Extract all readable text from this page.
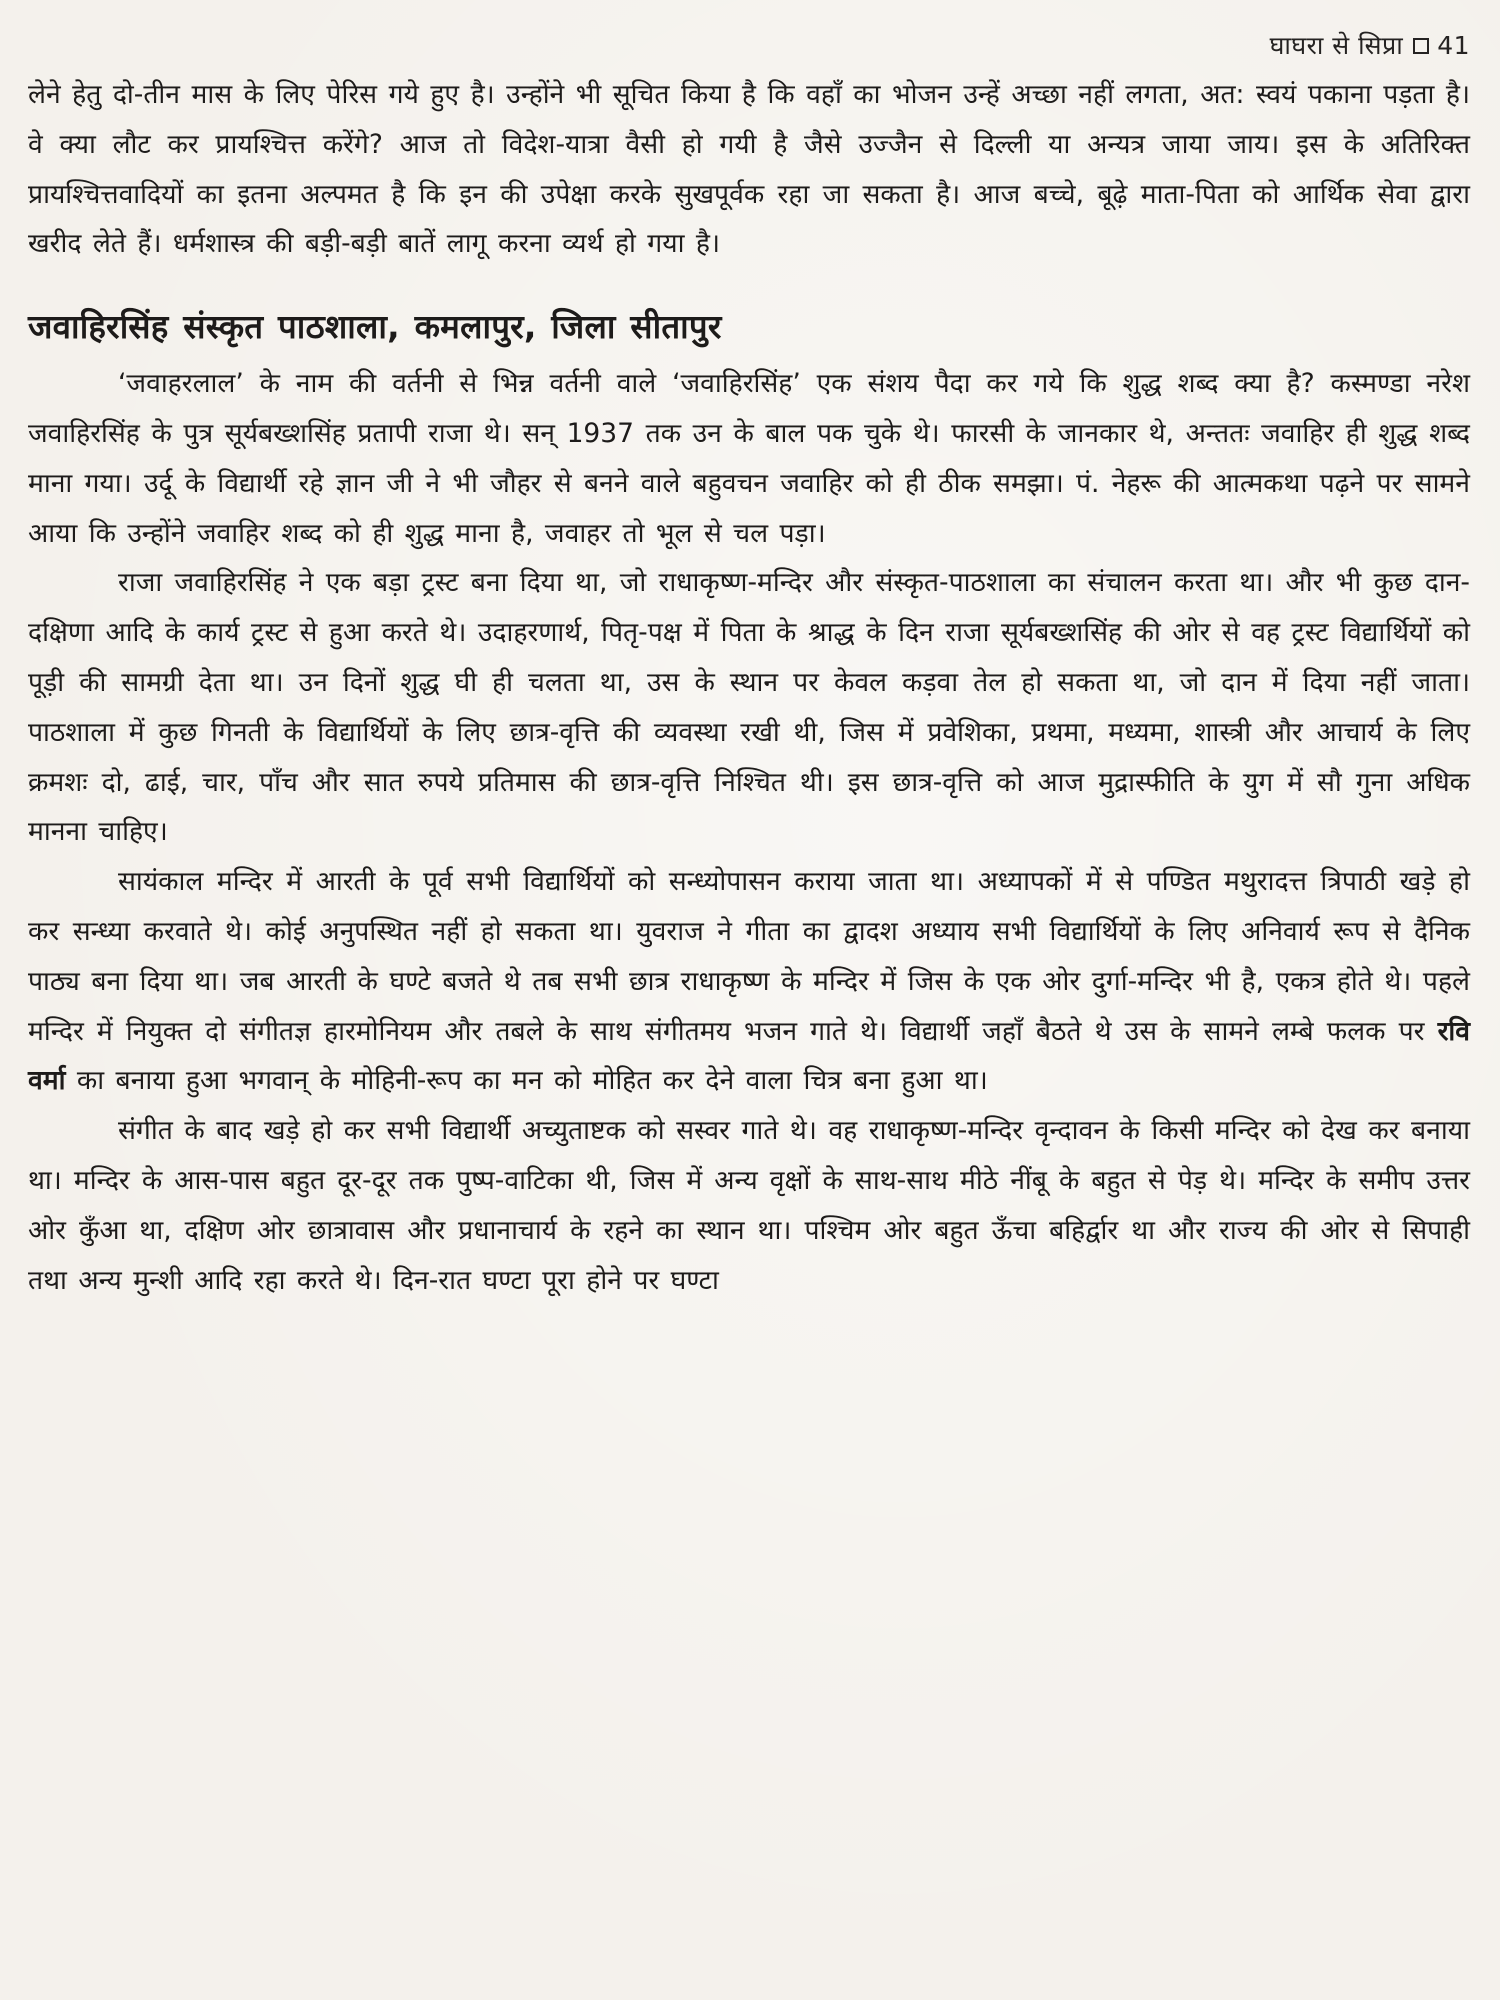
घाघरा से सिप्रा 41

लेने हेतु दो-तीन मास के लिए पेरिस गये हुए है। उन्होंने भी सूचित किया है कि वहाँ का भोजन उन्हें अच्छा नहीं लगता, अत: स्वयं पकाना पड़ता है। वे क्या लौट कर प्रायश्चित्त करेंगे? आज तो विदेश-यात्रा वैसी हो गयी है जैसे उज्जैन से दिल्ली या अन्यत्र जाया जाय। इस के अतिरिक्त प्रायश्चित्तवादियों का इतना अल्पमत है कि इन की उपेक्षा करके सुखपूर्वक रहा जा सकता है। आज बच्चे, बूढ़े माता-पिता को आर्थिक सेवा द्वारा खरीद लेते हैं। धर्मशास्त्र की बड़ी-बड़ी बातें लागू करना व्यर्थ हो गया है।

जवाहिरसिंह संस्कृत पाठशाला, कमलापुर, जिला सीतापुर

‘जवाहरलाल’ के नाम की वर्तनी से भिन्न वर्तनी वाले ‘जवाहिरसिंह’ एक संशय पैदा कर गये कि शुद्ध शब्द क्या है? कस्मण्डा नरेश जवाहिरसिंह के पुत्र सूर्यबख्शसिंह प्रतापी राजा थे। सन् 1937 तक उन के बाल पक चुके थे। फारसी के जानकार थे, अन्ततः जवाहिर ही शुद्ध शब्द माना गया। उर्दू के विद्यार्थी रहे ज्ञान जी ने भी जौहर से बनने वाले बहुवचन जवाहिर को ही ठीक समझा। पं. नेहरू की आत्मकथा पढ़ने पर सामने आया कि उन्होंने जवाहिर शब्द को ही शुद्ध माना है, जवाहर तो भूल से चल पड़ा।

राजा जवाहिरसिंह ने एक बड़ा ट्रस्ट बना दिया था, जो राधाकृष्ण-मन्दिर और संस्कृत-पाठशाला का संचालन करता था। और भी कुछ दान-दक्षिणा आदि के कार्य ट्रस्ट से हुआ करते थे। उदाहरणार्थ, पितृ-पक्ष में पिता के श्राद्ध के दिन राजा सूर्यबख्शसिंह की ओर से वह ट्रस्ट विद्यार्थियों को पूड़ी की सामग्री देता था। उन दिनों शुद्ध घी ही चलता था, उस के स्थान पर केवल कड़वा तेल हो सकता था, जो दान में दिया नहीं जाता। पाठशाला में कुछ गिनती के विद्यार्थियों के लिए छात्र-वृत्ति की व्यवस्था रखी थी, जिस में प्रवेशिका, प्रथमा, मध्यमा, शास्त्री और आचार्य के लिए क्रमशः दो, ढाई, चार, पाँच और सात रुपये प्रतिमास की छात्र-वृत्ति निश्चित थी। इस छात्र-वृत्ति को आज मुद्रास्फीति के युग में सौ गुना अधिक मानना चाहिए।

सायंकाल मन्दिर में आरती के पूर्व सभी विद्यार्थियों को सन्ध्योपासन कराया जाता था। अध्यापकों में से पण्डित मथुरादत्त त्रिपाठी खड़े हो कर सन्ध्या करवाते थे। कोई अनुपस्थित नहीं हो सकता था। युवराज ने गीता का द्वादश अध्याय सभी विद्यार्थियों के लिए अनिवार्य रूप से दैनिक पाठ्य बना दिया था। जब आरती के घण्टे बजते थे तब सभी छात्र राधाकृष्ण के मन्दिर में जिस के एक ओर दुर्गा-मन्दिर भी है, एकत्र होते थे। पहले मन्दिर में नियुक्त दो संगीतज्ञ हारमोनियम और तबले के साथ संगीतमय भजन गाते थे। विद्यार्थी जहाँ बैठते थे उस के सामने लम्बे फलक पर रवि वर्मा का बनाया हुआ भगवान् के मोहिनी-रूप का मन को मोहित कर देने वाला चित्र बना हुआ था।

संगीत के बाद खड़े हो कर सभी विद्यार्थी अच्युताष्टक को सस्वर गाते थे। वह राधाकृष्ण-मन्दिर वृन्दावन के किसी मन्दिर को देख कर बनाया था। मन्दिर के आस-पास बहुत दूर-दूर तक पुष्प-वाटिका थी, जिस में अन्य वृक्षों के साथ-साथ मीठे नींबू के बहुत से पेड़ थे। मन्दिर के समीप उत्तर ओर कुँआ था, दक्षिण ओर छात्रावास और प्रधानाचार्य के रहने का स्थान था। पश्चिम ओर बहुत ऊँचा बहिर्द्वार था और राज्य की ओर से सिपाही तथा अन्य मुन्शी आदि रहा करते थे। दिन-रात घण्टा पूरा होने पर घण्टा
